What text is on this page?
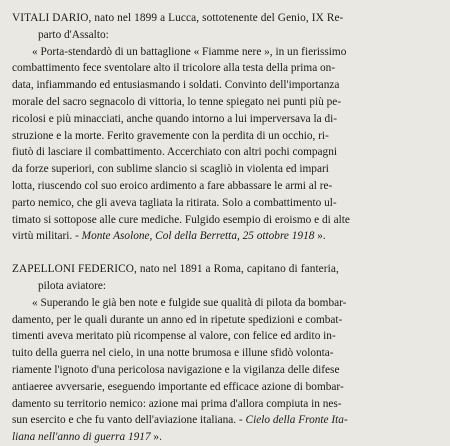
VITALI DARIO, nato nel 1899 a Lucca, sottotenente del Genio, IX Re-
parto d'Assalto:
« Porta-stendardò di un battaglione « Fiamme nere », in un fierissimo
combattimento fece sventolare alto il tricolore alla testa della prima on-
data, infiammando ed entusiasmando i soldati. Convinto dell'importanza
morale del sacro segnacolo di vittoria, lo tenne spiegato nei punti più pe-
ricolosi e più minacciati, anche quando intorno a lui imperversava la di-
struzione e la morte. Ferito gravemente con la perdita di un occhio, ri-
fiutò di lasciare il combattimento. Accerchiato con altri pochi compagni
da forze superiori, con sublime slancio si scagliò in violenta ed impari
lotta, riuscendo col suo eroico ardimento a fare abbassare le armi al re-
parto nemico, che gli aveva tagliata la ritirata. Solo a combattimento ul-
timato si sottopose alle cure mediche. Fulgido esempio di eroismo e di alte
virtù militari. - Monte Asolone, Col della Berretta, 25 ottobre 1918 ».
ZAPELLONI FEDERICO, nato nel 1891 a Roma, capitano di fanteria,
pilota aviatore:
« Superando le già ben note e fulgide sue qualità di pilota da bombar-
damento, per le quali durante un anno ed in ripetute spedizioni e combat-
timenti aveva meritato più ricompense al valore, con felice ed ardito in-
tuito della guerra nel cielo, in una notte brumosa e illune sfidò volonta-
riamente l'ignoto d'una pericolosa navigazione e la vigilanza delle difese
antiaeree avversarie, eseguendo importante ed efficace azione di bombar-
damento su territorio nemico: azione mai prima d'allora compiuta in nes-
sun esercito e che fu vanto dell'aviazione italiana. - Cielo della Fronte Ita-
liana nell'anno di guerra 1917 ».
